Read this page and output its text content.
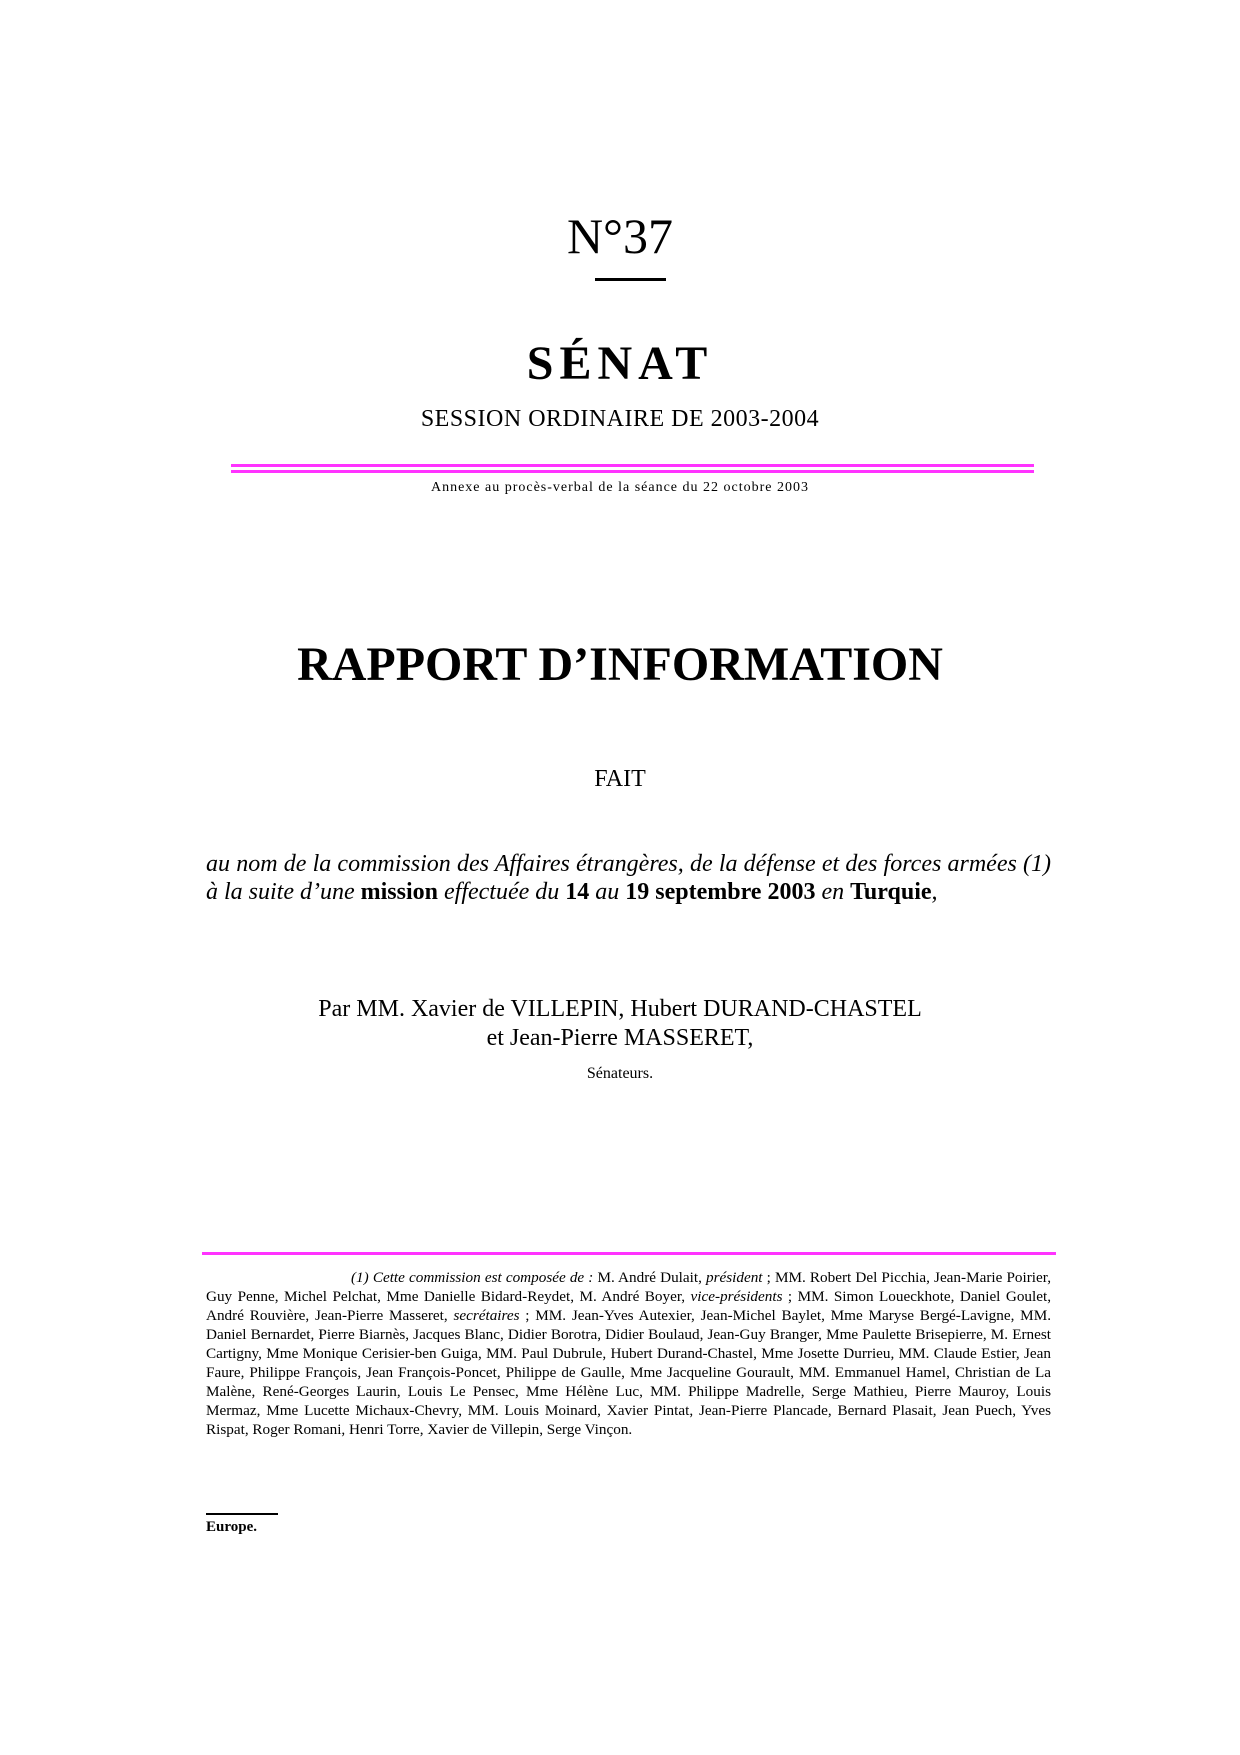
N°37
SÉNAT
SESSION ORDINAIRE DE 2003-2004
Annexe au procès-verbal de la séance du 22 octobre 2003
RAPPORT D’INFORMATION
FAIT
au nom de la commission des Affaires étrangères, de la défense et des forces armées (1) à la suite d’une mission effectuée du 14 au 19 septembre 2003 en Turquie,
Par MM. Xavier de VILLEPIN, Hubert DURAND-CHASTEL
et Jean-Pierre MASSERET,
Sénateurs.
(1) Cette commission est composée de : M. André Dulait, président ; MM. Robert Del Picchia, Jean-Marie Poirier, Guy Penne, Michel Pelchat, Mme Danielle Bidard-Reydet, M. André Boyer, vice-présidents ; MM. Simon Loueckhote, Daniel Goulet, André Rouvière, Jean-Pierre Masseret, secrétaires ; MM. Jean-Yves Autexier, Jean-Michel Baylet, Mme Maryse Bergé-Lavigne, MM. Daniel Bernardet, Pierre Biarnès, Jacques Blanc, Didier Borotra, Didier Boulaud, Jean-Guy Branger, Mme Paulette Brisepierre, M. Ernest Cartigny, Mme Monique Cerisier-ben Guiga, MM. Paul Dubrule, Hubert Durand-Chastel, Mme Josette Durrieu, MM. Claude Estier, Jean Faure, Philippe François, Jean François-Poncet, Philippe de Gaulle, Mme Jacqueline Gourault, MM. Emmanuel Hamel, Christian de La Malène, René-Georges Laurin, Louis Le Pensec, Mme Hélène Luc, MM. Philippe Madrelle, Serge Mathieu, Pierre Mauroy, Louis Mermaz, Mme Lucette Michaux-Chevry, MM. Louis Moinard, Xavier Pintat, Jean-Pierre Plancade, Bernard Plasait, Jean Puech, Yves Rispat, Roger Romani, Henri Torre, Xavier de Villepin, Serge Vinçon.
Europe.
